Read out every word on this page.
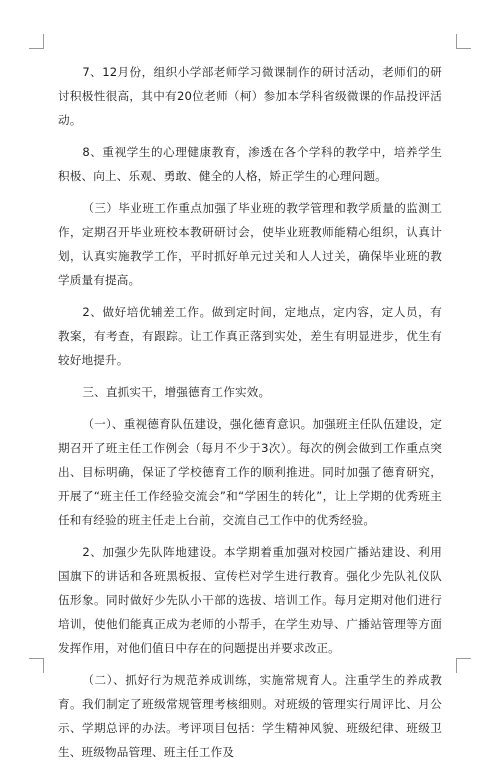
7、12月份，组织小学部老师学习微课制作的研讨活动，老师们的研讨积极性很高，其中有20位老师（柯）参加本学科省级微课的作品投评活动。

8、重视学生的心理健康教育，渗透在各个学科的教学中，培养学生积极、向上、乐观、勇敢、健全的人格，矫正学生的心理问题。

（三）毕业班工作重点加强了毕业班的教学管理和教学质量的监测工作，定期召开毕业班校本教研研讨会，使毕业班教师能精心组织，认真计划，认真实施教学工作，平时抓好单元过关和人人过关，确保毕业班的教学质量有提高。

2、做好培优辅差工作。做到定时间，定地点，定内容，定人员，有教案，有考查，有跟踪。让工作真正落到实处，差生有明显进步，优生有较好地提升。

三、直抓实干，增强德育工作实效。

（一）、重视德育队伍建设，强化德育意识。加强班主任队伍建设，定期召开了班主任工作例会（每月不少于3次）。每次的例会做到工作重点突出、目标明确，保证了学校德育工作的顺利推进。同时加强了德育研究，开展了“班主任工作经验交流会”和“学困生的转化”，让上学期的优秀班主任和有经验的班主任走上台前，交流自己工作中的优秀经验。

2、加强少先队阵地建设。本学期着重加强对校园广播站建设、利用国旗下的讲话和各班黑板报、宣传栏对学生进行教育。强化少先队礼仪队伍形象。同时做好少先队小干部的选拔、培训工作。每月定期对他们进行培训，使他们能真正成为老师的小帮手，在学生劝导、广播站管理等方面发挥作用，对他们值日中存在的问题提出并要求改正。

（二）、抓好行为规范养成训练，实施常规育人。注重学生的养成教育。我们制定了班级常规管理考核细则。对班级的管理实行周评比、月公示、学期总评的办法。考评项目包括：学生精神风貌、班级纪律、班级卫生、班级物品管理、班主任工作及
